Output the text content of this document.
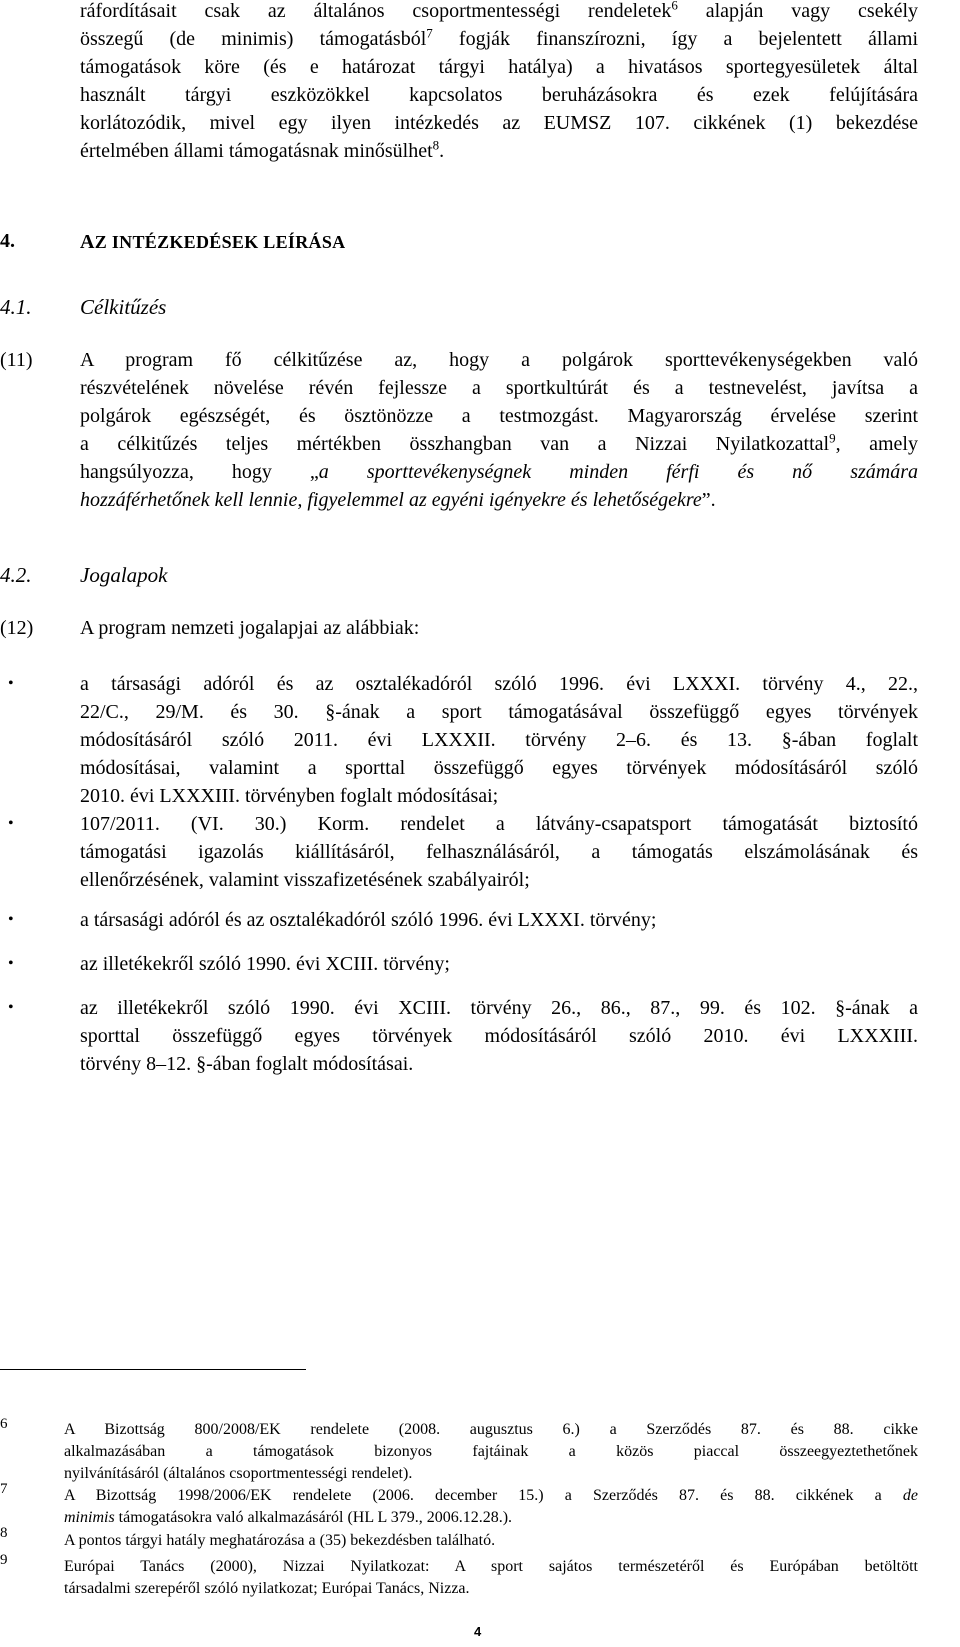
ráfordításait csak az általános csoportmentességi rendeletek$^6$ alapján vagy csekély
összegű (de minimis) támogatásból$^7$ fogják finanszírozni, így a bejelentett állami
támogatások köre (és e határozat tárgyi hatálya) a hivatásos sportegyesületek által
használt tárgyi eszközökkel kapcsolatos beruházásokra és ezek felújítására
korlátozódik, mivel egy ilyen intézkedés az EUMSZ 107. cikkének (1) bekezdése
értelmében állami támogatásnak minősülhet$^8$.
4.	AZ INTÉZKEDÉSEK LEÍRÁSA
4.1. Célkitűzés
(11) A program fő célkitűzése az, hogy a polgárok sporttevékenységekben való
részvételének növelése révén fejlessze a sportkultúrát és a testnevelést, javítsa a
polgárok egészségét, és ösztönözze a testmozgást. Magyarország érvelése szerint
a célkitűzés teljes mértékben összhangban van a Nizzai Nyilatkozattal$^9$, amely
hangsúlyozza, hogy „a sporttevékenységnek minden férfi és nő számára
hozzáférhetőnek kell lennie, figyelemmel az egyéni igényekre és lehetőségekre”.
4.2. Jogalapok
(12) A program nemzeti jogalapjai az alábbiak:
•	a társasági adóról és az osztalékadóról szóló 1996. évi LXXXI. törvény 4., 22.,
22/C., 29/M. és 30. §-ának a sport támogatásával összefüggő egyes törvények
módosításáról szóló 2011. évi LXXXII. törvény 2–6. és 13. §-ában foglalt
módosításai, valamint a sporttal összefüggő egyes törvények módosításáról szóló
2010. évi LXXXIII. törvényben foglalt módosításai;
•	107/2011. (VI. 30.) Korm. rendelet a látvány-csapatsport támogatását biztosító
támogatási igazolás kiállításáról, felhasználásáról, a támogatás elszámolásának és
ellenőrzésének, valamint visszafizetésének szabályairól;
•	a társasági adóról és az osztalékadóról szóló 1996. évi LXXXI. törvény;
•	az illetékekről szóló 1990. évi XCIII. törvény;
•	az illetékekről szóló 1990. évi XCIII. törvény 26., 86., 87., 99. és 102. §-ának a
sporttal összefüggő egyes törvények módosításáról szóló 2010. évi LXXXIII.
törvény 8–12. §-ában foglalt módosításai.
6	A Bizottság 800/2008/EK rendelete (2008. augusztus 6.) a Szerződés 87. és 88. cikke
alkalmazásában a támogatások bizonyos fajtáinak a közös piaccal összeegyeztethetőnek
nyilvánításáról (általános csoportmentességi rendelet).
7	A Bizottság 1998/2006/EK rendelete (2006. december 15.) a Szerződés 87. és 88. cikkének a de
minimis támogatásokra való alkalmazásáról (HL L 379., 2006.12.28.).
8	A pontos tárgyi hatály meghatározása a (35) bekezdésben található.
9	Európai Tanács (2000), Nizzai Nyilatkozat: A sport sajátos természetéről és Európában betöltött
társadalmi szerepéről szóló nyilatkozat; Európai Tanács, Nizza.
4
